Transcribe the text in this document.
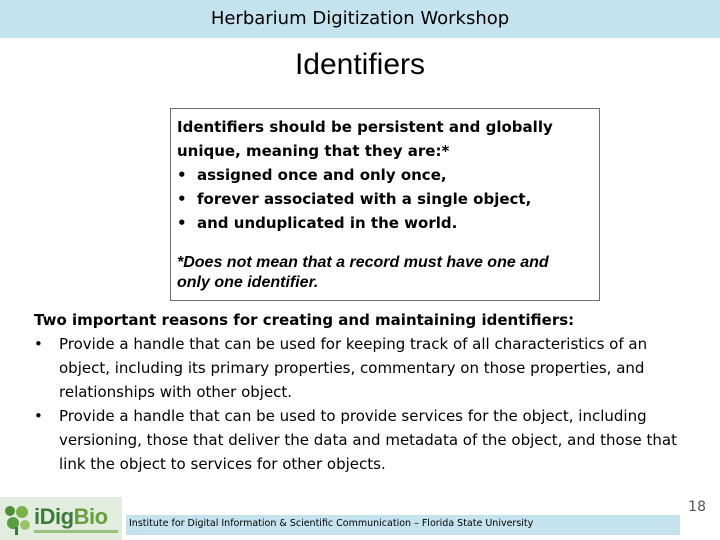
Herbarium Digitization Workshop
Identifiers
Identifiers should be persistent and globally
unique, meaning that they are:*
• assigned once and only once,
• forever associated with a single object,
• and unduplicated in the world.
*Does not mean that a record must have one and
only one identifier.
Two important reasons for creating and maintaining identifiers:
• Provide a handle that can be used for keeping track of all characteristics of an object, including its primary properties, commentary on those properties, and relationships with other object.
• Provide a handle that can be used to provide services for the object, including versioning, those that deliver the data and metadata of the object, and those that link the object to services for other objects.
iDigBio Institute for Digital Information & Scientific Communication – Florida State University
18
